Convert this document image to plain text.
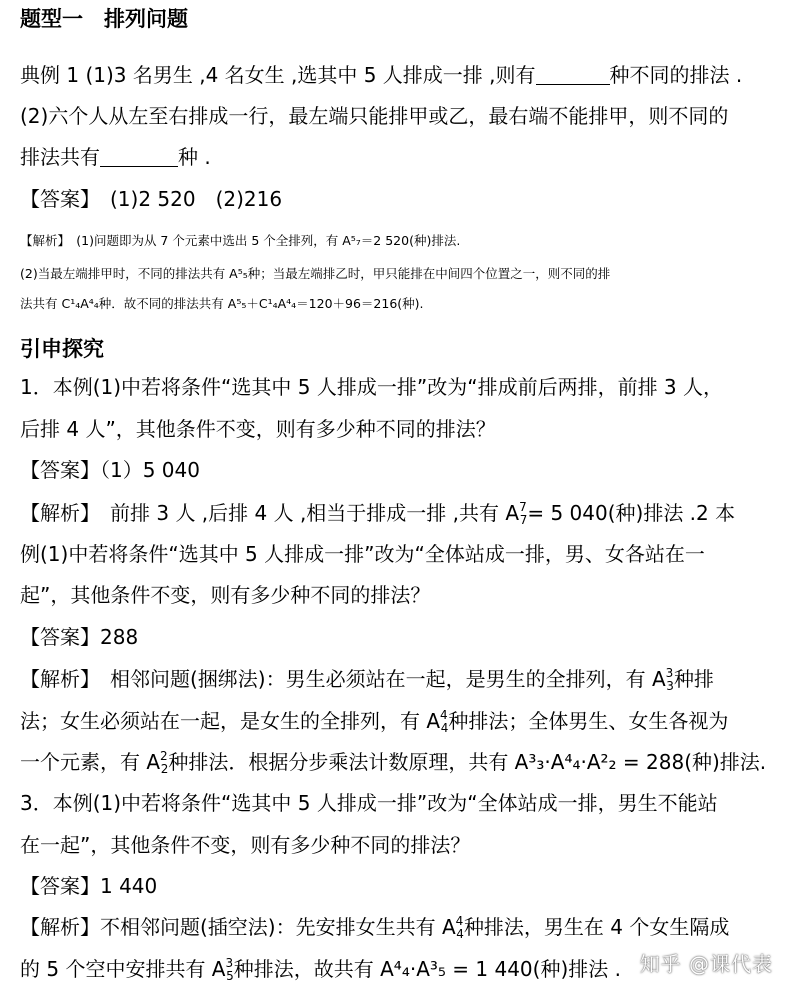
题型一　排列问题
典例 1 (1)3 名男生 ,4 名女生 ,选其中 5 人排成一排 ,则有	种不同的排法 .
(2)六个人从左至右排成一行，最左端只能排甲或乙，最右端不能排甲，则不同的
排法共有	种 .
【答案】　(1)2 520　(2)216
【解析】　(1)问题即为从 7 个元素中选出 5 个全排列，有 A⁵₇＝2 520(种)排法.
(2)当最左端排甲时，不同的排法共有 A⁵₅种；当最左端排乙时，甲只能排在中间四个位置之一，则不同的排
法共有 C¹₄A⁴₄种．故不同的排法共有 A⁵₅＋C¹₄A⁴₄＝120＋96＝216(种).
引申探究
1．本例(1)中若将条件“选其中 5 人排成一排”改为“排成前后两排，前排 3 人，
后排 4 人”，其他条件不变，则有多少种不同的排法？
【答案】（1）5 040
【解析】　前排 3 人 ,后排 4 人 ,相当于排成一排 ,共有 $A^7_7= 5$ 040(种)排法 .2 本
例(1)中若将条件“选其中 5 人排成一排”改为“全体站成一排，男、女各站在一
起”，其他条件不变，则有多少种不同的排法？
【答案】288
【解析】　相邻问题(捆绑法)：男生必须站在一起，是男生的全排列，有 $A^3_3$种排
法；女生必须站在一起，是女生的全排列，有 $A^4_4$种排法；全体男生、女生各视为
一个元素，有 $A^2_2$种排法．根据分步乘法计数原理，共有 A³₃·A⁴₄·A²₂ = 288(种)排法.
3．本例(1)中若将条件“选其中 5 人排成一排”改为“全体站成一排，男生不能站
在一起”，其他条件不变，则有多少种不同的排法？
【答案】1 440
【解析】不相邻问题(插空法)：先安排女生共有 $A^4_4$种排法，男生在 4 个女生隔成
的 5 个空中安排共有 $A^3_5$种排法，故共有 A⁴₄·A³₅ = 1 440(种)排法 . 知乎 @课代表
